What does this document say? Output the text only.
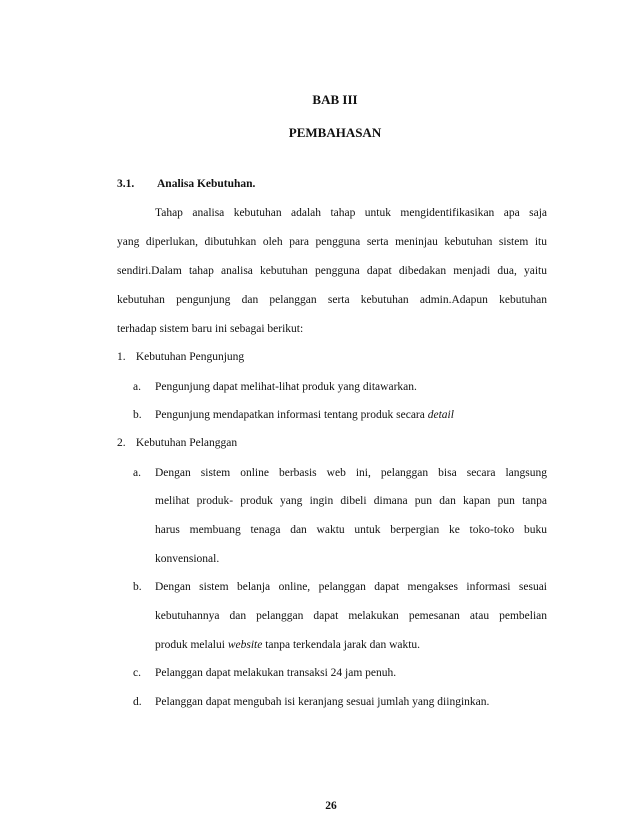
BAB III
PEMBAHASAN
3.1. Analisa Kebutuhan.
Tahap analisa kebutuhan adalah tahap untuk mengidentifikasikan apa saja
yang diperlukan, dibutuhkan oleh para pengguna serta meninjau kebutuhan sistem itu
sendiri.Dalam tahap analisa kebutuhan pengguna dapat dibedakan menjadi dua, yaitu
kebutuhan pengunjung dan pelanggan serta kebutuhan admin.Adapun kebutuhan
terhadap sistem baru ini sebagai berikut:
1. Kebutuhan Pengunjung
a. Pengunjung dapat melihat-lihat produk yang ditawarkan.
b. Pengunjung mendapatkan informasi tentang produk secara detail
2. Kebutuhan Pelanggan
a. Dengan sistem online berbasis web ini, pelanggan bisa secara langsung
melihat produk- produk yang ingin dibeli dimana pun dan kapan pun tanpa
harus membuang tenaga dan waktu untuk berpergian ke toko-toko buku
konvensional.
b. Dengan sistem belanja online, pelanggan dapat mengakses informasi sesuai
kebutuhannya dan pelanggan dapat melakukan pemesanan atau pembelian
produk melalui website tanpa terkendala jarak dan waktu.
c. Pelanggan dapat melakukan transaksi 24 jam penuh.
d. Pelanggan dapat mengubah isi keranjang sesuai jumlah yang diinginkan.
26
